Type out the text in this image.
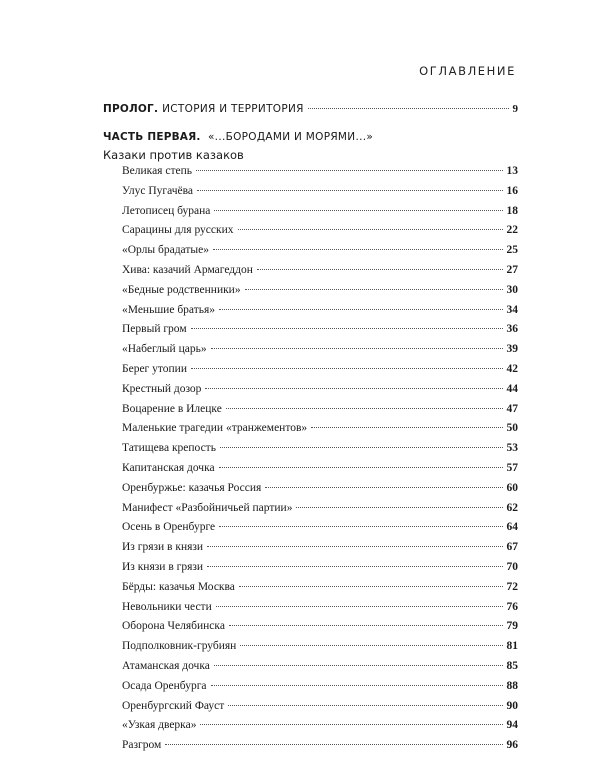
ОГЛАВЛЕНИЕ
ПРОЛОГ. ИСТОРИЯ И ТЕРРИТОРИЯ	9
ЧАСТЬ ПЕРВАЯ. «...БОРОДАМИ И МОРЯМИ...»
Казаки против казаков
Великая степь	13
Улус Пугачёва	16
Летописец бурана	18
Сарацины для русских	22
«Орлы брадатые»	25
Хива: казачий Армагеддон	27
«Бедные родственники»	30
«Меньшие братья»	34
Первый гром	36
«Набеглый царь»	39
Берег утопии	42
Крестный дозор	44
Воцарение в Илецке	47
Маленькие трагедии «транжементов»	50
Татищева крепость	53
Капитанская дочка	57
Оренбуржье: казачья Россия	60
Манифест «Разбойничьей партии»	62
Осень в Оренбурге	64
Из грязи в князи	67
Из князи в грязи	70
Бёрды: казачья Москва	72
Невольники чести	76
Оборона Челябинска	79
Подполковник-грубиян	81
Атаманская дочка	85
Осада Оренбурга	88
Оренбургский Фауст	90
«Узкая дверка»	94
Разгром	96
